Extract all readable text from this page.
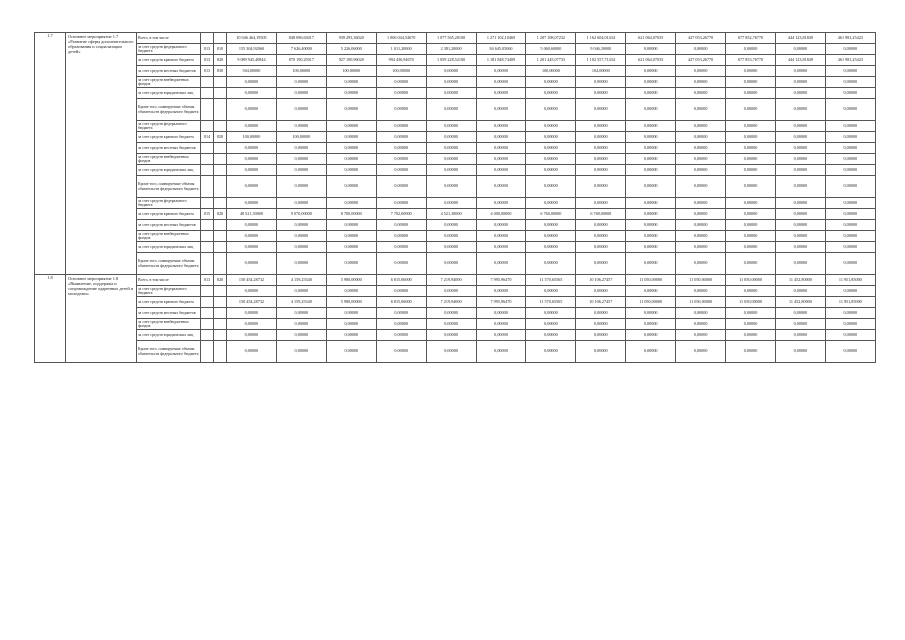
1.7	Основное мероприятие 1.7 «Развитие сферы дополнительного образования и социализации детей»	Всего, в том числе			10 046 464,19505	848 096,63017	939 293,36020	1 006 044,54670	1 077 565,20100	1 271 102,10469	1 207 108,07232	1 162 604,01434	621 064,07035	427 053,26770	677 852,76770	444 123,81849	461 981,25423
		за счет средств федерального бюджета	013	810	155 304,92060	7 626,40000	5 226,06000	1 011,20000	2 381,20000	84 645,05060	5 060,60000	9 046,30000	0,00000	0,00000	0,00000	0,00000	0,00000
		за счет средств краевого бюджета	013	820	9 089 945,40844	870 190,25017	927 100,96020	994 436,94670	1 059 228,52100	1 181 848,74409	1 201 445,07733	1 102 557,71434	621 064,07035	427 053,26770	677 853,76770	444 123,81849	461 981,25423
		за счет средств местных бюджетов	013	830	504,00000	100,00000	100,00000	100,00000	0,00000	0,00000	100,00000	104,00000	0,00000	0,00000	0,00000	0,00000	0,00000
		за счет средств внебюджетных фондов			0,00000	0,00000	0,00000	0,00000	0,00000	0,00000	0,00000	0,00000	0,00000	0,00000	0,00000	0,00000	0,00000
		за счет средств юридических лиц			0,00000	0,00000	0,00000	0,00000	0,00000	0,00000	0,00000	0,00000	0,00000	0,00000	0,00000	0,00000	0,00000
		Кроме того, планируемые объемы обязательств федерального бюджета			0,00000	0,00000	0,00000	0,00000	0,00000	0,00000	0,00000	0,00000	0,00000	0,00000	0,00000	0,00000	0,00000
		за счет средств федерального бюджета			0,00000	0,00000	0,00000	0,00000	0,00000	0,00000	0,00000	0,00000	0,00000	0,00000	0,00000	0,00000	0,00000
		за счет средств краевого бюджета	014	820	100,00000	100,00000	0,00000	0,00000	0,00000	0,00000	0,00000	0,00000	0,00000	0,00000	0,00000	0,00000	0,00000
		за счет средств местных бюджетов			0,00000	0,00000	0,00000	0,00000	0,00000	0,00000	0,00000	0,00000	0,00000	0,00000	0,00000	0,00000	0,00000
		за счет средств внебюджетных фондов			0,00000	0,00000	0,00000	0,00000	0,00000	0,00000	0,00000	0,00000	0,00000	0,00000	0,00000	0,00000	0,00000
		за счет средств юридических лиц			0,00000	0,00000	0,00000	0,00000	0,00000	0,00000	0,00000	0,00000	0,00000	0,00000	0,00000	0,00000	0,00000
		Кроме того, планируемые объемы обязательств федерального бюджета			0,00000	0,00000	0,00000	0,00000	0,00000	0,00000	0,00000	0,00000	0,00000	0,00000	0,00000	0,00000	0,00000
		за счет средств федерального бюджета			0,00000	0,00000	0,00000	0,00000	0,00000	0,00000	0,00000	0,00000	0,00000	0,00000	0,00000	0,00000	0,00000
		за счет средств краевого бюджета	015	820	48 521,30000	9 070,00000	8 700,00000	7 702,00000	4 521,30000	4 000,00000	6 760,00000	6 768,00000	0,00000	0,00000	0,00000	0,00000	0,00000
		за счет средств местных бюджетов			0,00000	0,00000	0,00000	0,00000	0,00000	0,00000	0,00000	0,00000	0,00000	0,00000	0,00000	0,00000	0,00000
		за счет средств внебюджетных фондов			0,00000	0,00000	0,00000	0,00000	0,00000	0,00000	0,00000	0,00000	0,00000	0,00000	0,00000	0,00000	0,00000
		за счет средств юридических лиц			0,00000	0,00000	0,00000	0,00000	0,00000	0,00000	0,00000	0,00000	0,00000	0,00000	0,00000	0,00000	0,00000
		Кроме того, планируемые объемы обязательств федерального бюджета			0,00000	0,00000	0,00000	0,00000	0,00000	0,00000	0,00000	0,00000	0,00000	0,00000	0,00000	0,00000	0,00000
1.8	Основное мероприятие 1.8 «Выявление, поддержка и сопровождение одаренных детей и молодежи»	Всего, в том числе	013	820	150 454,28732	4 159,25340	5 980,00000	6 815,06000	7 219,94000	7 995,96470	11 570,65565	10 106,27457	11 050,00000	11 050,00000	11 050,00000	11 452,80000	11 951,85000
		за счет средств федерального бюджета			0,00000	0,00000	0,00000	0,00000	0,00000	0,00000	0,00000	0,00000	0,00000	0,00000	0,00000	0,00000	0,00000
		за счет средств краевого бюджета			150 454,28732	4 159,25340	5 980,00000	6 815,06000	7 219,94000	7 995,96470	11 570,65565	10 106,27457	11 050,00000	11 050,00000	11 050,00000	11 452,80000	11 951,85000
		за счет средств местных бюджетов			0,00000	0,00000	0,00000	0,00000	0,00000	0,00000	0,00000	0,00000	0,00000	0,00000	0,00000	0,00000	0,00000
		за счет средств внебюджетных фондов			0,00000	0,00000	0,00000	0,00000	0,00000	0,00000	0,00000	0,00000	0,00000	0,00000	0,00000	0,00000	0,00000
		за счет средств юридических лиц			0,00000	0,00000	0,00000	0,00000	0,00000	0,00000	0,00000	0,00000	0,00000	0,00000	0,00000	0,00000	0,00000
		Кроме того, планируемые объемы обязательств федерального бюджета			0,00000	0,00000	0,00000	0,00000	0,00000	0,00000	0,00000	0,00000	0,00000	0,00000	0,00000	0,00000	0,00000
